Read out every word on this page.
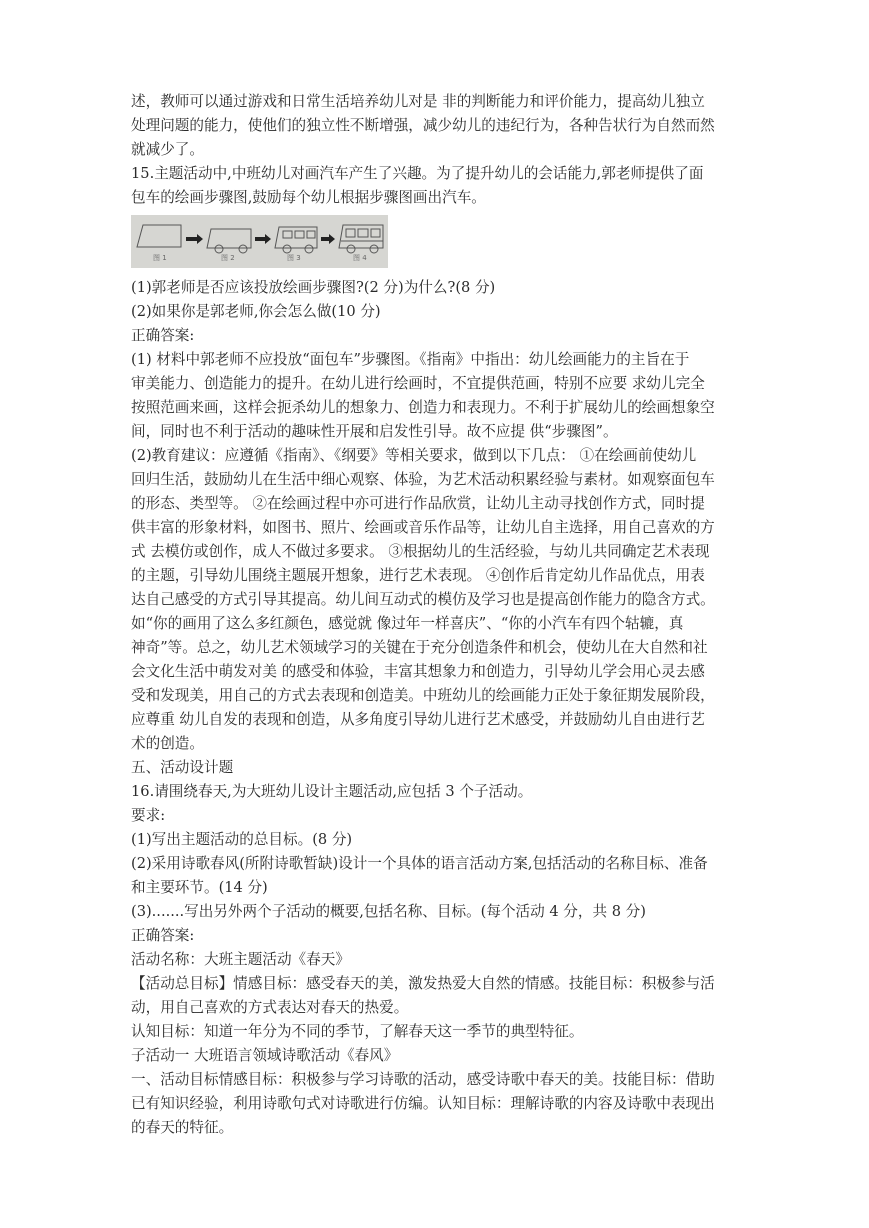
述，教师可以通过游戏和日常生活培养幼儿对是 非的判断能力和评价能力，提高幼儿独立

处理问题的能力，使他们的独立性不断增强，减少幼儿的违纪行为，各种告状行为自然而然

就减少了。

15.主题活动中,中班幼儿对画汽车产生了兴趣。为了提升幼儿的会话能力,郭老师提供了面

包车的绘画步骤图,鼓励每个幼儿根据步骤图画出汽车。

图 1	图 2	图 3	图 4

(1)郭老师是否应该投放绘画步骤图?(2 分)为什么?(8 分)

(2)如果你是郭老师,你会怎么做(10 分)

正确答案:

(1) 材料中郭老师不应投放“面包车”步骤图。《指南》中指出：幼儿绘画能力的主旨在于

审美能力、创造能力的提升。在幼儿进行绘画时，不宜提供范画，特别不应要 求幼儿完全

按照范画来画，这样会扼杀幼儿的想象力、创造力和表现力。不利于扩展幼儿的绘画想象空

间，同时也不利于活动的趣味性开展和启发性引导。故不应提 供“步骤图”。

(2)教育建议：应遵循《指南》、《纲要》等相关要求，做到以下几点： ①在绘画前使幼儿

回归生活，鼓励幼儿在生活中细心观察、体验，为艺术活动积累经验与素材。如观察面包车

的形态、类型等。 ②在绘画过程中亦可进行作品欣赏，让幼儿主动寻找创作方式，同时提

供丰富的形象材料，如图书、照片、绘画或音乐作品等，让幼儿自主选择，用自己喜欢的方

式 去模仿或创作，成人不做过多要求。 ③根据幼儿的生活经验，与幼儿共同确定艺术表现

的主题，引导幼儿围绕主题展开想象，进行艺术表现。 ④创作后肯定幼儿作品优点，用表

达自己感受的方式引导其提高。幼儿间互动式的模仿及学习也是提高创作能力的隐含方式。

如“你的画用了这么多红颜色，感觉就 像过年一样喜庆”、“你的小汽车有四个轱辘，真

神奇”等。总之，幼儿艺术领域学习的关键在于充分创造条件和机会，使幼儿在大自然和社

会文化生活中萌发对美 的感受和体验，丰富其想象力和创造力，引导幼儿学会用心灵去感

受和发现美，用自己的方式去表现和创造美。中班幼儿的绘画能力正处于象征期发展阶段，

应尊重 幼儿自发的表现和创造，从多角度引导幼儿进行艺术感受，并鼓励幼儿自由进行艺

术的创造。

五、活动设计题

16.请围绕春天,为大班幼儿设计主题活动,应包括 3 个子活动。

要求:

(1)写出主题活动的总目标。(8 分)

(2)采用诗歌春风(所附诗歌暂缺)设计一个具体的语言活动方案,包括活动的名称目标、准备

和主要环节。(14 分)

(3).......写出另外两个子活动的概要,包括名称、目标。(每个活动 4 分，共 8 分)

正确答案:

活动名称：大班主题活动《春天》

【活动总目标】情感目标：感受春天的美，激发热爱大自然的情感。技能目标：积极参与活

动，用自己喜欢的方式表达对春天的热爱。

认知目标：知道一年分为不同的季节，了解春天这一季节的典型特征。

子活动一 大班语言领域诗歌活动《春风》

一、活动目标情感目标：积极参与学习诗歌的活动，感受诗歌中春天的美。技能目标：借助

已有知识经验，利用诗歌句式对诗歌进行仿编。认知目标：理解诗歌的内容及诗歌中表现出

的春天的特征。
